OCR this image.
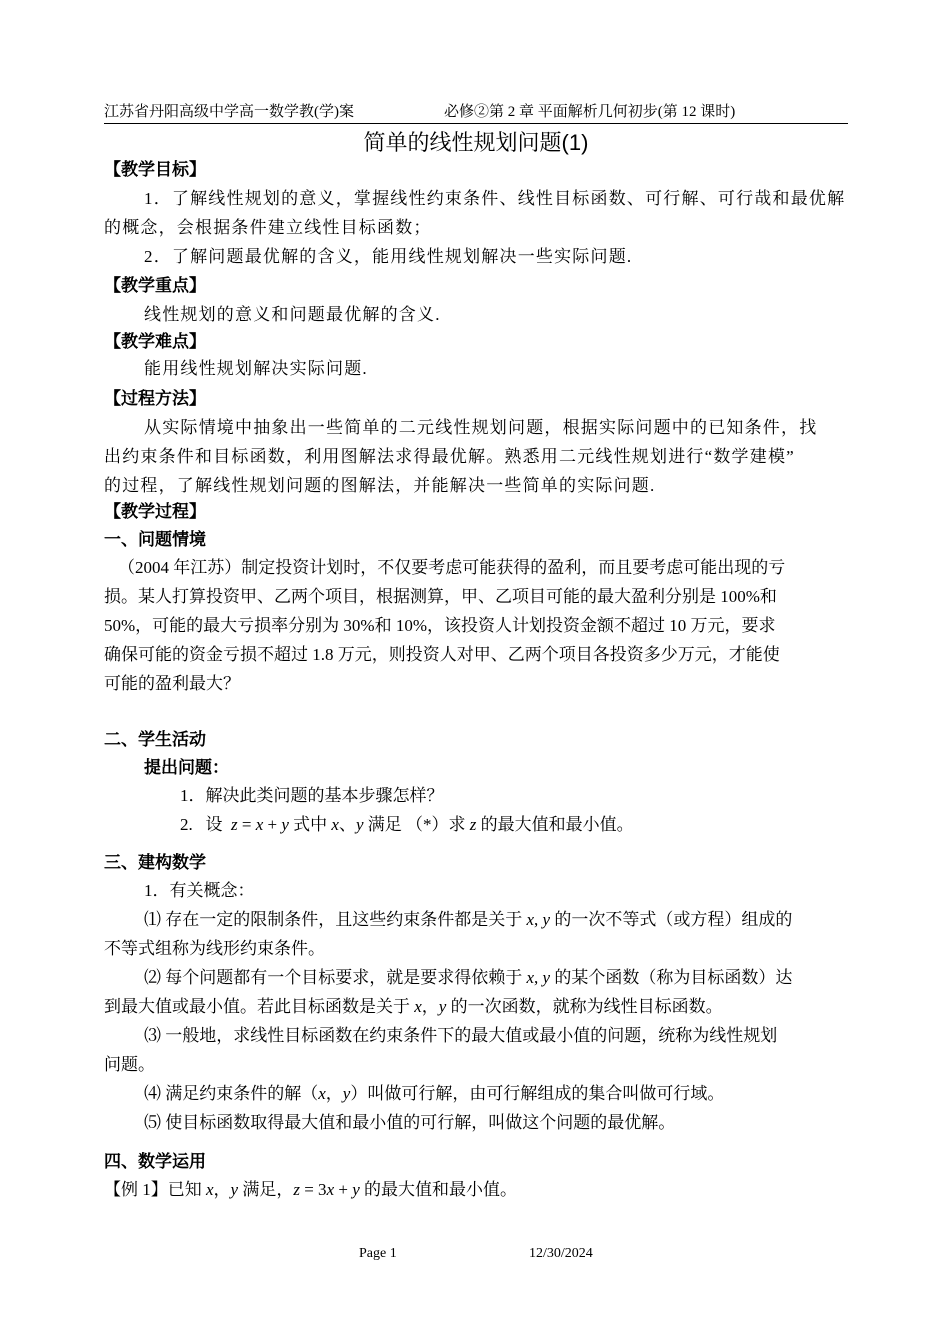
江苏省丹阳高级中学高一数学教(学)案	必修②第 2 章 平面解析几何初步(第 12 课时)
简单的线性规划问题(1)
【教学目标】
1．了解线性规划的意义，掌握线性约束条件、线性目标函数、可行解、可行哉和最优解
的概念，会根据条件建立线性目标函数；
2．了解问题最优解的含义，能用线性规划解决一些实际问题.
【教学重点】
线性规划的意义和问题最优解的含义.
【教学难点】
能用线性规划解决实际问题.
【过程方法】
从实际情境中抽象出一些简单的二元线性规划问题，根据实际问题中的已知条件，找
出约束条件和目标函数，利用图解法求得最优解。熟悉用二元线性规划进行“数学建模”
的过程，了解线性规划问题的图解法，并能解决一些简单的实际问题.
【教学过程】
一、问题情境
（2004 年江苏）制定投资计划时，不仅要考虑可能获得的盈利，而且要考虑可能出现的亏
损。某人打算投资甲、乙两个项目，根据测算，甲、乙项目可能的最大盈利分别是 100%和
50%，可能的最大亏损率分别为 30%和 10%，该投资人计划投资金额不超过 10 万元，要求
确保可能的资金亏损不超过 1.8 万元，则投资人对甲、乙两个项目各投资多少万元，才能使
可能的盈利最大？
二、学生活动
提出问题：
1．解决此类问题的基本步骤怎样？
2. 设 z = x + y 式中 x、y 满足 （*）求 z 的最大值和最小值。
三、建构数学
1．有关概念：
⑴ 存在一定的限制条件，且这些约束条件都是关于 x, y 的一次不等式（或方程）组成的
不等式组称为线形约束条件。
⑵ 每个问题都有一个目标要求，就是要求得依赖于 x, y 的某个函数（称为目标函数）达
到最大值或最小值。若此目标函数是关于 x，y 的一次函数，就称为线性目标函数。
⑶ 一般地，求线性目标函数在约束条件下的最大值或最小值的问题，统称为线性规划
问题。
⑷ 满足约束条件的解（x，y）叫做可行解，由可行解组成的集合叫做可行域。
⑸ 使目标函数取得最大值和最小值的可行解，叫做这个问题的最优解。
四、数学运用
【例 1】已知 x，y 满足，z = 3x + y 的最大值和最小值。
Page 1	12/30/2024
